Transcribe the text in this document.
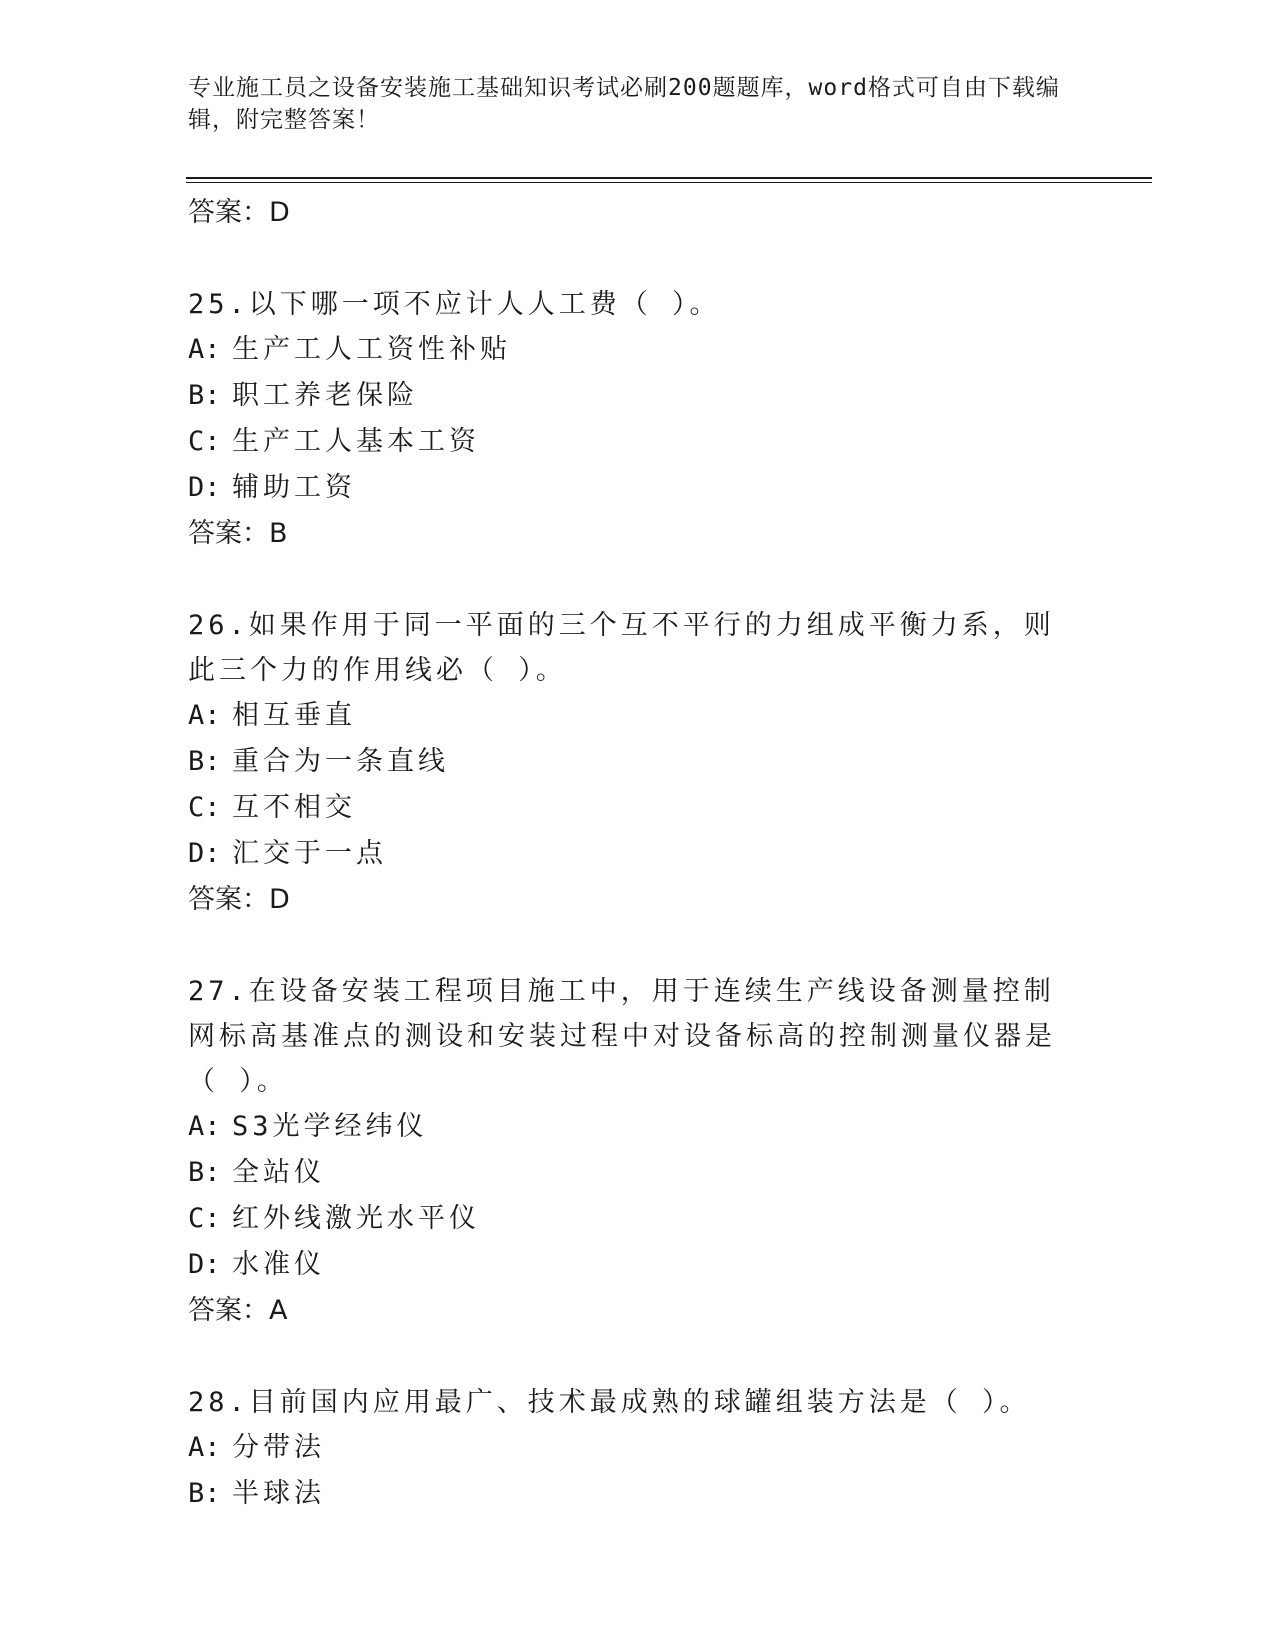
专业施工员之设备安装施工基础知识考试必刷200题题库，word格式可自由下载编辑，附完整答案！
答案：D
25.以下哪一项不应计人人工费（ ）。
A: 生产工人工资性补贴
B: 职工养老保险
C: 生产工人基本工资
D: 辅助工资
答案：B
26.如果作用于同一平面的三个互不平行的力组成平衡力系，则此三个力的作用线必（ ）。
A: 相互垂直
B: 重合为一条直线
C: 互不相交
D: 汇交于一点
答案：D
27.在设备安装工程项目施工中，用于连续生产线设备测量控制网标高基准点的测设和安装过程中对设备标高的控制测量仪器是（ ）。
A: S3光学经纬仪
B: 全站仪
C: 红外线激光水平仪
D: 水准仪
答案：A
28.目前国内应用最广、技术最成熟的球罐组装方法是（ ）。
A: 分带法
B: 半球法
